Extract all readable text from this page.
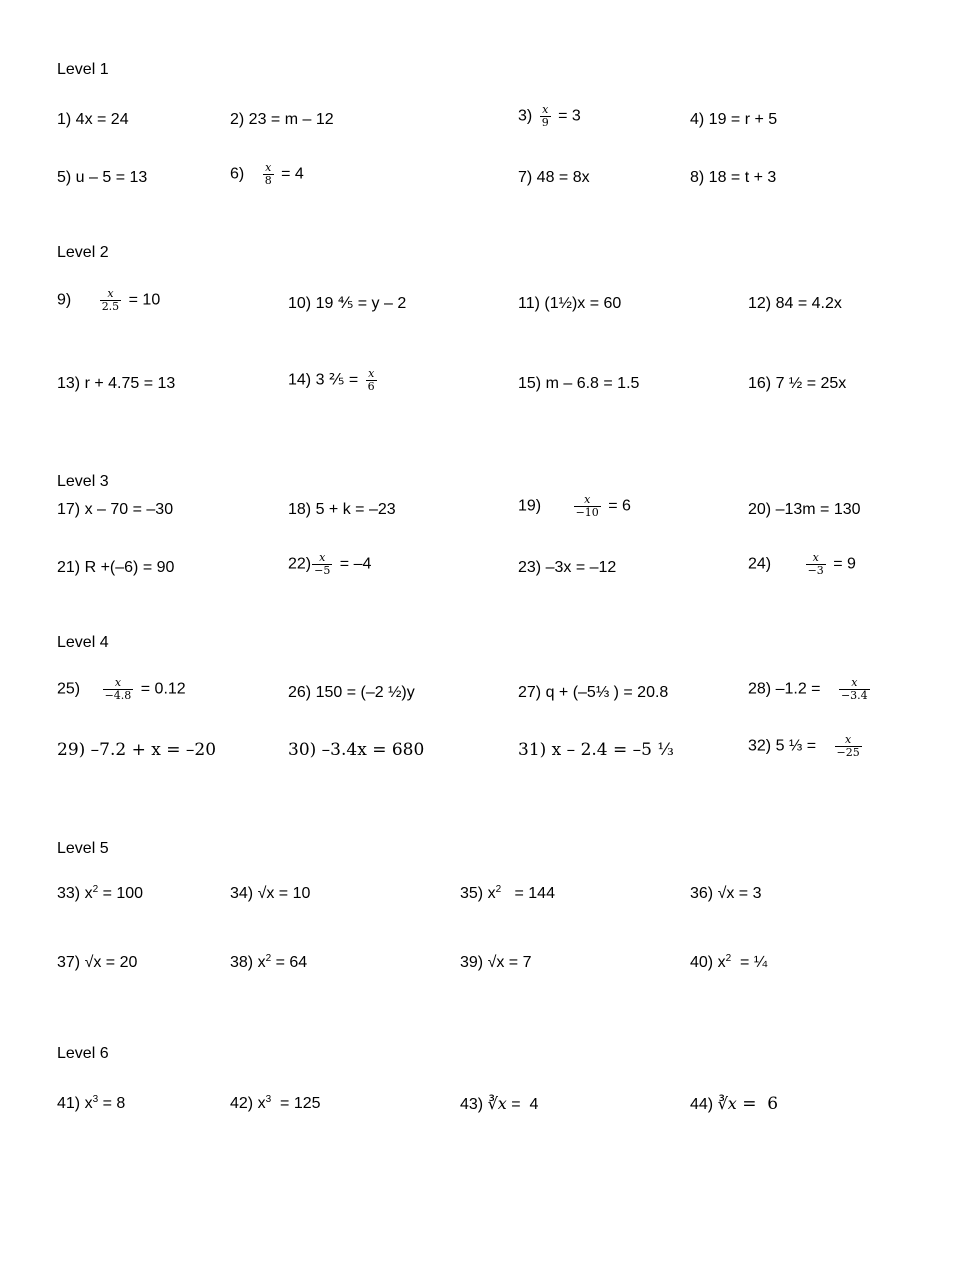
Level 1
1) 4x = 24	2) 23 = m – 12	$3) \frac{x}{9} = 3$	4) 19 = r + 5
5) u – 5 = 13	$6) \frac{x}{8} = 4$	7) 48 = 8x	8) 18 = t + 3
Level 2
9)	$\frac{x}{2.5} = 10$	10) 19 ⅘ = y – 2	11) (1½)x = 60	12) 84 = 4.2x
13) r + 4.75 = 13	14) 3 ⅖ = $\frac{x}{6}$	15) m – 6.8 = 1.5	16) 7 ½ = 25x
Level 3
17) x – 70 = –30	18) 5 + k = –23	19)	$\frac{x}{-10} = 6$	20) –13m = 130
21) R +(–6) = 90	$22) \frac{x}{-5} = -4$	23) –3x = –12	24)	$\frac{x}{-3} = 9$
Level 4
$25) \frac{x}{-4.8} = 0.12$	26) 150 = (–2 ½)y	27) q + (–5⅓ ) = 20.8	28) $-1.2 = \frac{x}{-3.4}$
29) –7.2 + x = –20	30) –3.4x = 680	31) x – 2.4 = –5 ⅓	32) 5 ⅓ = $\frac{x}{-25}$
Level 5
33) $x^2 = 100$	34) √x = 10	35) $x^2 = 144$	36) √x = 3
37) √x = 20	38) $x^2 = 64$	39) √x = 7	40) $x^2$  = ¼
Level 6
41) $x^3 = 8$	42) $x^3 = 125$	43) ∛x =  4	44) ∛x =  6
